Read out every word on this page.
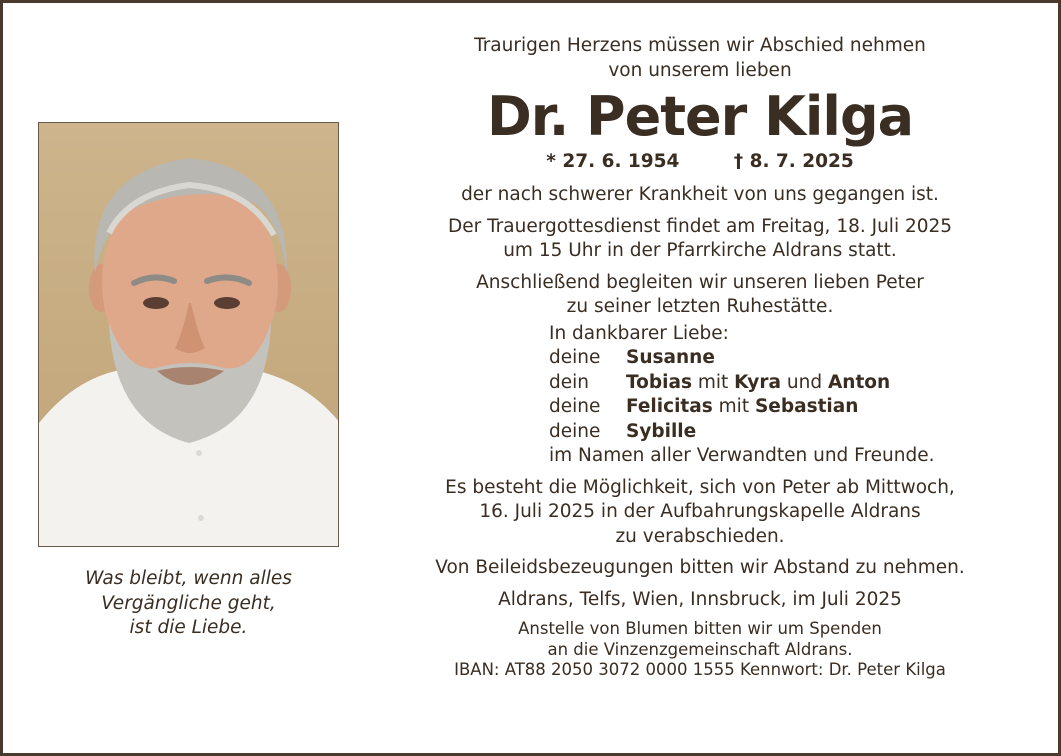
Was bleibt, wenn alles
Vergängliche geht,
ist die Liebe.
Traurigen Herzens müssen wir Abschied nehmen
von unserem lieben
Dr. Peter Kilga
* 27. 6. 1954	† 8. 7. 2025
der nach schwerer Krankheit von uns gegangen ist.
Der Trauergottesdienst findet am Freitag, 18. Juli 2025
um 15 Uhr in der Pfarrkirche Aldrans statt.
Anschließend begleiten wir unseren lieben Peter
zu seiner letzten Ruhestätte.
In dankbarer Liebe:
deine Susanne
dein Tobias mit Kyra und Anton
deine Felicitas mit Sebastian
deine Sybille
im Namen aller Verwandten und Freunde.
Es besteht die Möglichkeit, sich von Peter ab Mittwoch,
16. Juli 2025 in der Aufbahrungskapelle Aldrans
zu verabschieden.
Von Beileidsbezeugungen bitten wir Abstand zu nehmen.
Aldrans, Telfs, Wien, Innsbruck, im Juli 2025
Anstelle von Blumen bitten wir um Spenden
an die Vinzenzgemeinschaft Aldrans.
IBAN: AT88 2050 3072 0000 1555 Kennwort: Dr. Peter Kilga
